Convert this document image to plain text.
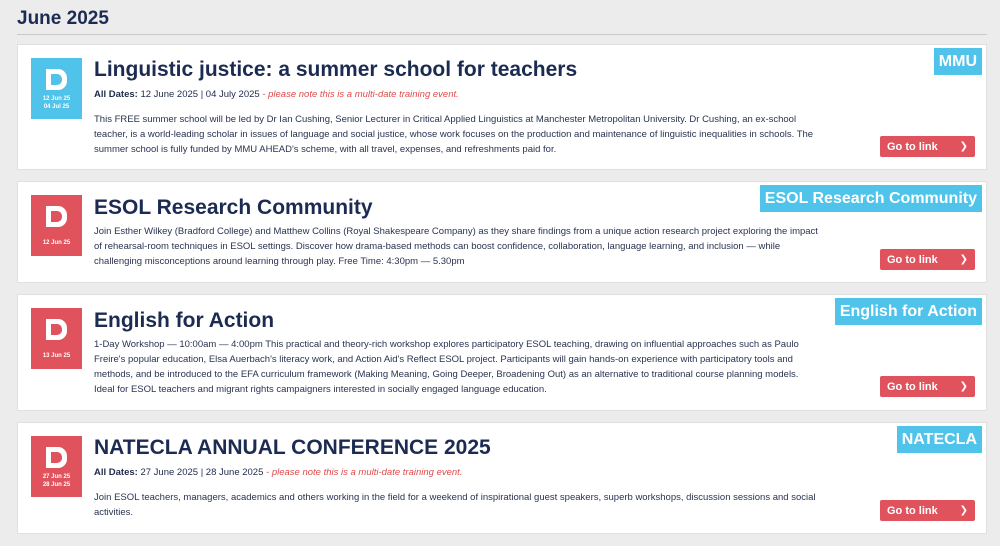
June 2025
MMU
12 Jun 25
04 Jul 25
Linguistic justice: a summer school for teachers
All Dates: 12 June 2025 | 04 July 2025 - please note this is a multi-date training event.
This FREE summer school will be led by Dr Ian Cushing, Senior Lecturer in Critical Applied Linguistics at Manchester Metropolitan University. Dr Cushing, an ex-school teacher, is a world-leading scholar in issues of language and social justice, whose work focuses on the production and maintenance of linguistic inequalities in schools. The summer school is fully funded by MMU AHEAD's scheme, with all travel, expenses, and refreshments paid for.	Go to link ❯
ESOL Research Community
12 Jun 25
ESOL Research Community
Join Esther Wilkey (Bradford College) and Matthew Collins (Royal Shakespeare Company) as they share findings from a unique action research project exploring the impact of rehearsal-room techniques in ESOL settings. Discover how drama-based methods can boost confidence, collaboration, language learning, and inclusion — while challenging misconceptions around learning through play. Free Time: 4:30pm — 5.30pm	Go to link ❯
English for Action
13 Jun 25
English for Action
1-Day Workshop — 10:00am — 4:00pm This practical and theory-rich workshop explores participatory ESOL teaching, drawing on influential approaches such as Paulo Freire's popular education, Elsa Auerbach's literacy work, and Action Aid's Reflect ESOL project. Participants will gain hands-on experience with participatory tools and methods, and be introduced to the EFA curriculum framework (Making Meaning, Going Deeper, Broadening Out) as an alternative to traditional course planning models. Ideal for ESOL teachers and migrant rights campaigners interested in socially engaged language education.	Go to link ❯
NATECLA
27 Jun 25
28 Jun 25
NATECLA ANNUAL CONFERENCE 2025
All Dates: 27 June 2025 | 28 June 2025 - please note this is a multi-date training event.
Join ESOL teachers, managers, academics and others working in the field for a weekend of inspirational guest speakers, superb workshops, discussion sessions and social activities.	Go to link ❯
